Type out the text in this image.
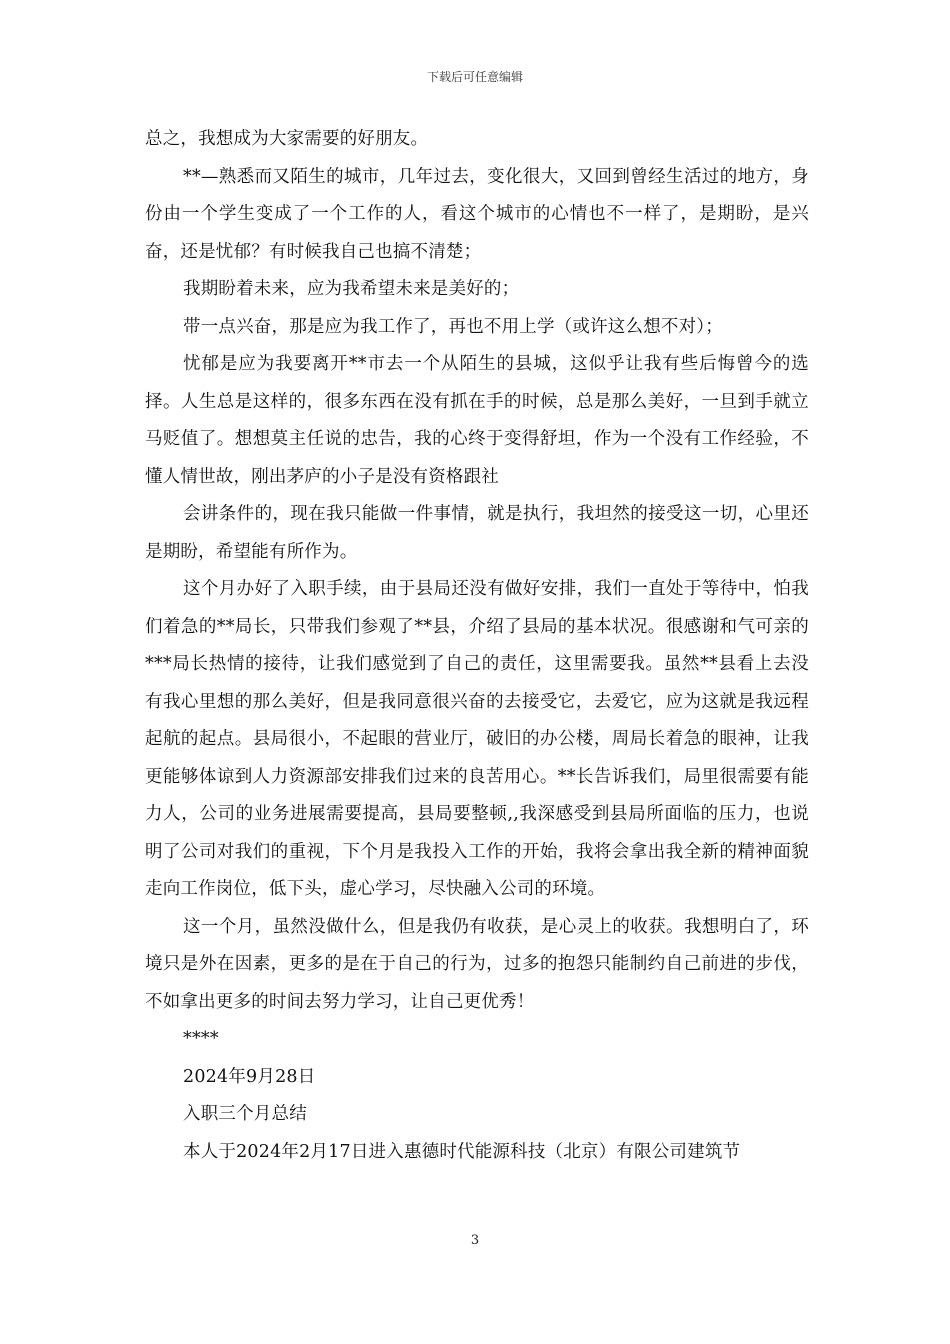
下载后可任意编辑

总之，我想成为大家需要的好朋友。

**—熟悉而又陌生的城市，几年过去，变化很大，又回到曾经生活过的地方，身份由一个学生变成了一个工作的人，看这个城市的心情也不一样了，是期盼，是兴奋，还是忧郁？有时候我自己也搞不清楚；

我期盼着未来，应为我希望未来是美好的；

带一点兴奋，那是应为我工作了，再也不用上学（或许这么想不对）；

忧郁是应为我要离开**市去一个从陌生的县城，这似乎让我有些后悔曾今的选择。人生总是这样的，很多东西在没有抓在手的时候，总是那么美好，一旦到手就立马贬值了。想想莫主任说的忠告，我的心终于变得舒坦，作为一个没有工作经验，不懂人情世故，刚出茅庐的小子是没有资格跟社

会讲条件的，现在我只能做一件事情，就是执行，我坦然的接受这一切，心里还是期盼，希望能有所作为。

这个月办好了入职手续，由于县局还没有做好安排，我们一直处于等待中，怕我们着急的**局长，只带我们参观了**县，介绍了县局的基本状况。很感谢和气可亲的***局长热情的接待，让我们感觉到了自己的责任，这里需要我。虽然**县看上去没有我心里想的那么美好，但是我同意很兴奋的去接受它，去爱它，应为这就是我远程起航的起点。县局很小，不起眼的营业厅，破旧的办公楼，周局长着急的眼神，让我更能够体谅到人力资源部安排我们过来的良苦用心。**长告诉我们，局里很需要有能力人，公司的业务进展需要提高，县局要整顿,,我深感受到县局所面临的压力，也说明了公司对我们的重视，下个月是我投入工作的开始，我将会拿出我全新的精神面貌走向工作岗位，低下头，虚心学习，尽快融入公司的环境。

这一个月，虽然没做什么，但是我仍有收获，是心灵上的收获。我想明白了，环境只是外在因素，更多的是在于自己的行为，过多的抱怨只能制约自己前进的步伐，不如拿出更多的时间去努力学习，让自己更优秀！

****

2024年9月28日

入职三个月总结

本人于2024年2月17日进入惠德时代能源科技（北京）有限公司建筑节

3
